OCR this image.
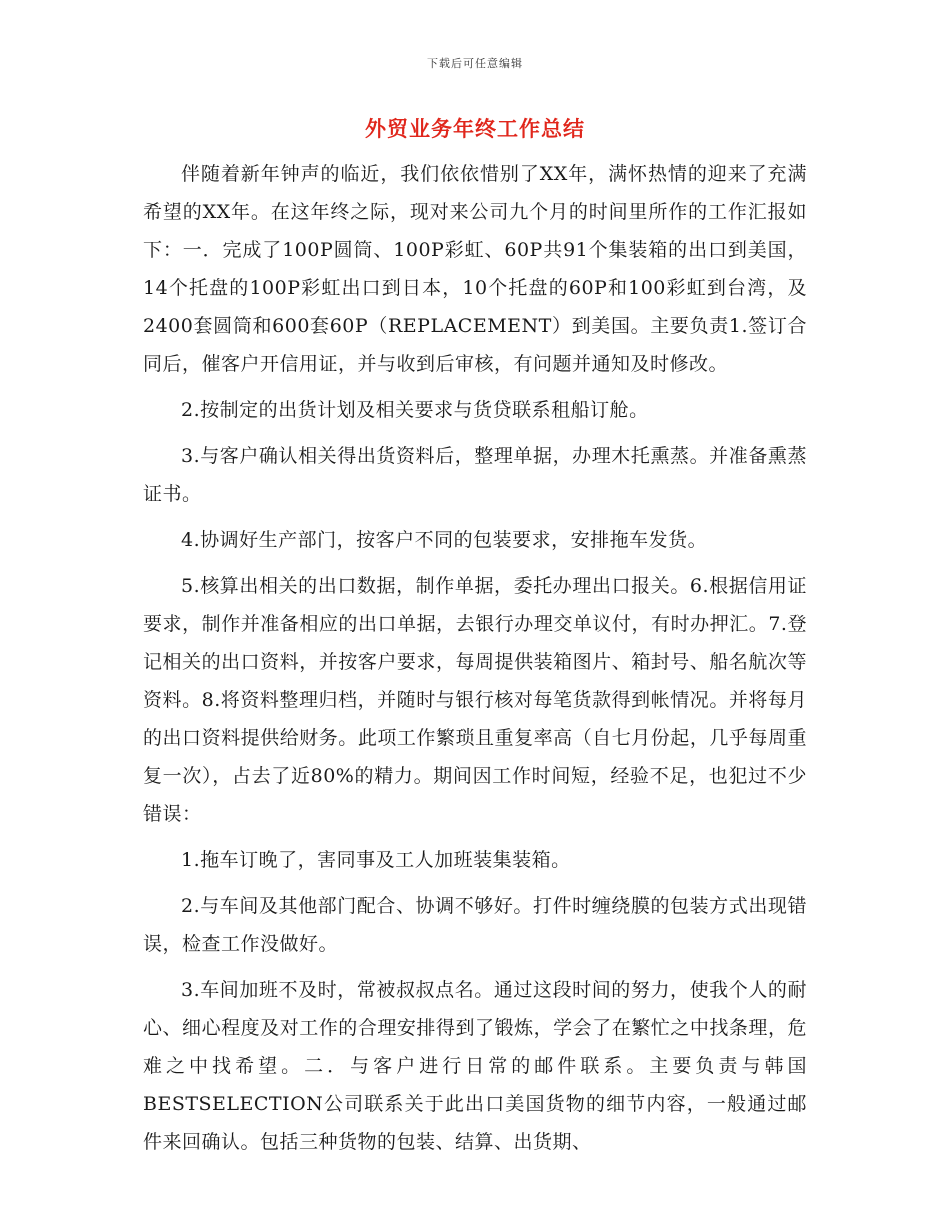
下载后可任意编辑
外贸业务年终工作总结

伴随着新年钟声的临近，我们依依惜别了XX年，满怀热情的迎来了充满希望的XX年。在这年终之际，现对来公司九个月的时间里所作的工作汇报如下：一．完成了100P圆筒、100P彩虹、60P共91个集装箱的出口到美国，14个托盘的100P彩虹出口到日本，10个托盘的60P和100彩虹到台湾，及2400套圆筒和600套60P（REPLACEMENT）到美国。主要负责1.签订合同后，催客户开信用证，并与收到后审核，有问题并通知及时修改。

2.按制定的出货计划及相关要求与货贷联系租船订舱。

3.与客户确认相关得出货资料后，整理单据，办理木托熏蒸。并准备熏蒸证书。

4.协调好生产部门，按客户不同的包装要求，安排拖车发货。

5.核算出相关的出口数据，制作单据，委托办理出口报关。6.根据信用证要求，制作并准备相应的出口单据，去银行办理交单议付，有时办押汇。7.登记相关的出口资料，并按客户要求，每周提供装箱图片、箱封号、船名航次等资料。8.将资料整理归档，并随时与银行核对每笔货款得到帐情况。并将每月的出口资料提供给财务。此项工作繁琐且重复率高（自七月份起，几乎每周重复一次），占去了近80%的精力。期间因工作时间短，经验不足，也犯过不少错误：

1.拖车订晚了，害同事及工人加班装集装箱。

2.与车间及其他部门配合、协调不够好。打件时缠绕膜的包装方式出现错误，检查工作没做好。

3.车间加班不及时，常被叔叔点名。通过这段时间的努力，使我个人的耐心、细心程度及对工作的合理安排得到了锻炼，学会了在繁忙之中找条理，危难之中找希望。二．与客户进行日常的邮件联系。主要负责与韩国BESTSELECTION公司联系关于此出口美国货物的细节内容，一般通过邮件来回确认。包括三种货物的包装、结算、出货期、
